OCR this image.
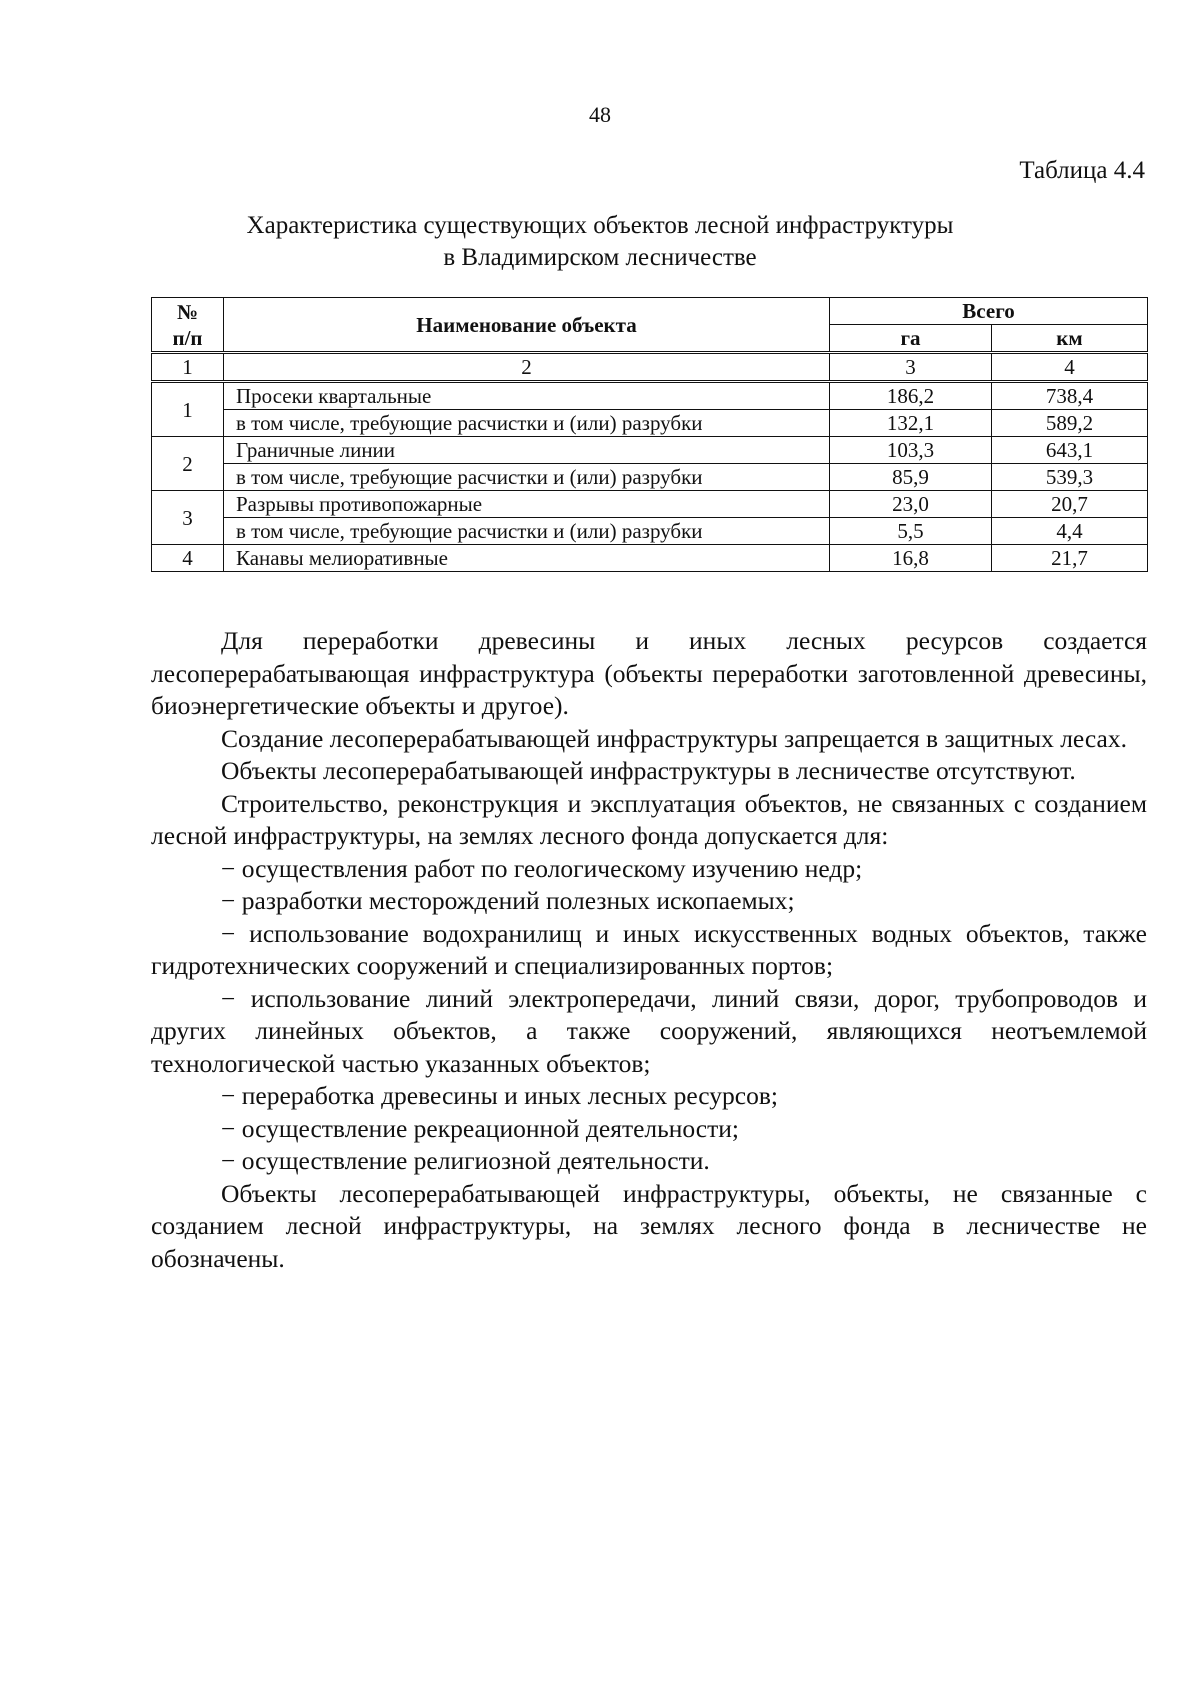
48
Таблица 4.4
Характеристика существующих объектов лесной инфраструктуры
в Владимирском лесничестве
№
п/п	Наименование объекта	Всего	
		га	км
1	2	3	4
1	Просеки квартальные	186,2	738,4
	в том числе, требующие расчистки и (или) разрубки	132,1	589,2
2	Граничные линии	103,3	643,1
	в том числе, требующие расчистки и (или) разрубки	85,9	539,3
3	Разрывы противопожарные	23,0	20,7
	в том числе, требующие расчистки и (или) разрубки	5,5	4,4
4	Канавы мелиоративные	16,8	21,7

Для переработки древесины и иных лесных ресурсов создается лесоперерабатывающая инфраструктура (объекты переработки заготовленной древесины, биоэнергетические объекты и другое).

Создание лесоперерабатывающей инфраструктуры запрещается в защитных лесах.

Объекты лесоперерабатывающей инфраструктуры в лесничестве отсутствуют.

Строительство, реконструкция и эксплуатация объектов, не связанных с созданием лесной инфраструктуры, на землях лесного фонда допускается для:

− осуществления работ по геологическому изучению недр;

− разработки месторождений полезных ископаемых;

− использование водохранилищ и иных искусственных водных объектов, также гидротехнических сооружений и специализированных портов;

− использование линий электропередачи, линий связи, дорог, трубопроводов и других линейных объектов, а также сооружений, являющихся неотъемлемой технологической частью указанных объектов;

− переработка древесины и иных лесных ресурсов;

− осуществление рекреационной деятельности;

− осуществление религиозной деятельности.

Объекты лесоперерабатывающей инфраструктуры, объекты, не связанные с созданием лесной инфраструктуры, на землях лесного фонда в лесничестве не обозначены.
